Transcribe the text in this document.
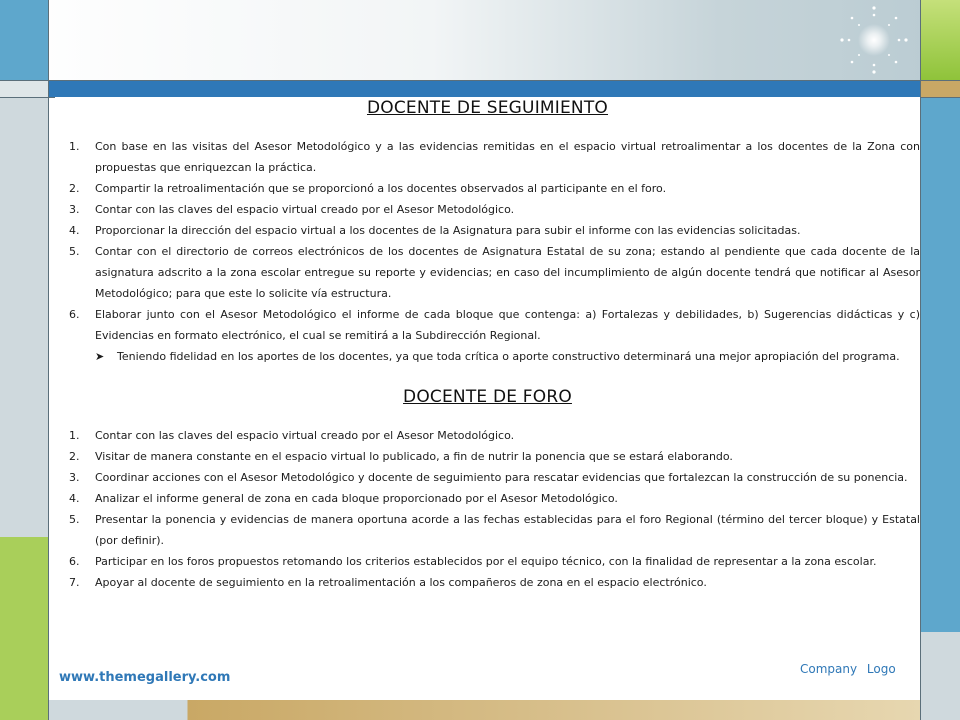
DOCENTE DE SEGUIMIENTO
1. Con base en las visitas del Asesor Metodológico y a las evidencias remitidas en el espacio virtual retroalimentar a los docentes de la Zona con propuestas que enriquezcan la práctica.
2. Compartir la retroalimentación que se proporcionó a los docentes observados al participante en el foro.
3. Contar con las claves del espacio virtual creado por el Asesor Metodológico.
4. Proporcionar la dirección del espacio virtual a los docentes de la Asignatura para subir el informe con las evidencias solicitadas.
5. Contar con el directorio de correos electrónicos de los docentes de Asignatura Estatal de su zona; estando al pendiente que cada docente de la asignatura adscrito a la zona escolar entregue su reporte y evidencias; en caso del incumplimiento de algún docente tendrá que notificar al Asesor Metodológico; para que este lo solicite vía estructura.
6. Elaborar junto con el Asesor Metodológico el informe de cada bloque que contenga: a) Fortalezas y debilidades, b) Sugerencias didácticas y c) Evidencias en formato electrónico, el cual se remitirá a la Subdirección Regional.
➤ Teniendo fidelidad en los aportes de los docentes, ya que toda crítica o aporte constructivo determinará una mejor apropiación del programa.
DOCENTE DE FORO
1. Contar con las claves del espacio virtual creado por el Asesor Metodológico.
2. Visitar de manera constante en el espacio virtual lo publicado, a fin de nutrir la ponencia que se estará elaborando.
3. Coordinar acciones con el Asesor Metodológico y docente de seguimiento para rescatar evidencias que fortalezcan la construcción de su ponencia.
4. Analizar el informe general de zona en cada bloque proporcionado por el Asesor Metodológico.
5. Presentar la ponencia y evidencias de manera oportuna acorde a las fechas establecidas para el foro Regional (término del tercer bloque) y Estatal (por definir).
6. Participar en los foros propuestos retomando los criterios establecidos por el equipo técnico, con la finalidad de representar a la zona escolar.
7. Apoyar al docente de seguimiento en la retroalimentación a los compañeros de zona en el espacio electrónico.
www.themegallery.com
Company Logo
